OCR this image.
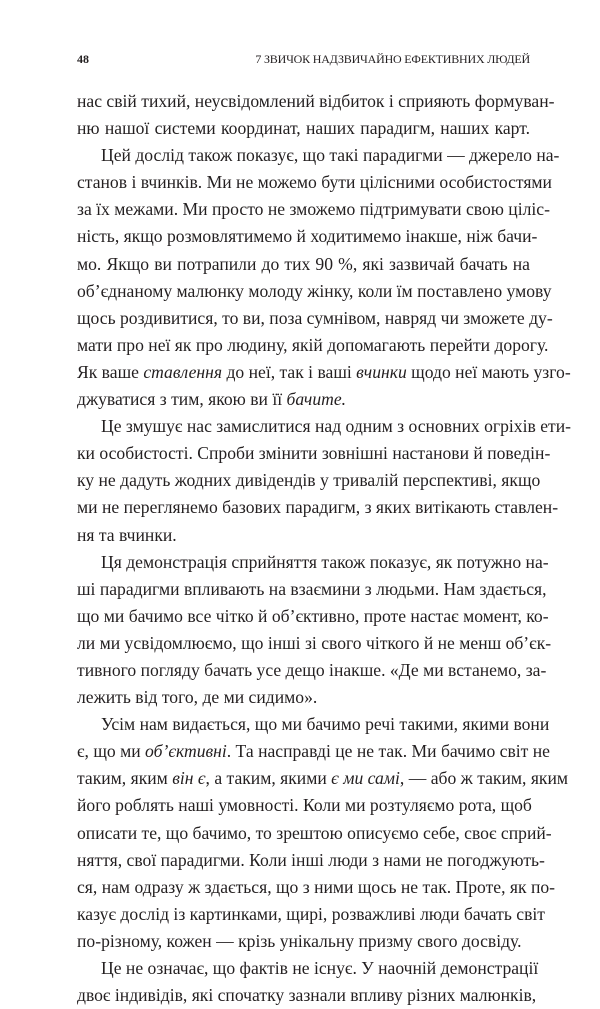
48	7 ЗВИЧОК НАДЗВИЧАЙНО ЕФЕКТИВНИХ ЛЮДЕЙ
нас свій тихий, неусвідомлений відбиток і сприяють формуван-
ню нашої системи координат, наших парадигм, наших карт.
Цей дослід також показує, що такі парадигми — джерело на-
станов і вчинків. Ми не можемо бути цілісними особистостями
за їх межами. Ми просто не зможемо підтримувати свою ціліс-
ність, якщо розмовлятимемо й ходитимемо інакше, ніж бачи-
мо. Якщо ви потрапили до тих 90 %, які зазвичай бачать на
об’єднаному малюнку молоду жінку, коли їм поставлено умову
щось роздивитися, то ви, поза сумнівом, навряд чи зможете ду-
мати про неї як про людину, якій допомагають перейти дорогу.
Як ваше ставлення до неї, так і ваші вчинки щодо неї мають узго-
джуватися з тим, якою ви її бачите.
Це змушує нас замислитися над одним з основних огріхів ети-
ки особистості. Спроби змінити зовнішні настанови й поведін-
ку не дадуть жодних дивідендів у тривалій перспективі, якщо
ми не переглянемо базових парадигм, з яких витікають ставлен-
ня та вчинки.
Ця демонстрація сприйняття також показує, як потужно на-
ші парадигми впливають на взаємини з людьми. Нам здається,
що ми бачимо все чітко й об’єктивно, проте настає момент, ко-
ли ми усвідомлюємо, що інші зі свого чіткого й не менш об’єк-
тивного погляду бачать усе дещо інакше. «Де ми встанемо, за-
лежить від того, де ми сидимо».
Усім нам видається, що ми бачимо речі такими, якими вони
є, що ми об’єктивні. Та насправді це не так. Ми бачимо світ не
таким, яким він є, а таким, якими є ми самі, — або ж таким, яким
його роблять наші умовності. Коли ми розтуляємо рота, щоб
описати те, що бачимо, то зрештою описуємо себе, своє сприй-
няття, свої парадигми. Коли інші люди з нами не погоджують-
ся, нам одразу ж здається, що з ними щось не так. Проте, як по-
казує дослід із картинками, щирі, розважливі люди бачать світ
по-різному, кожен — крізь унікальну призму свого досвіду.
Це не означає, що фактів не існує. У наочній демонстрації
двоє індивідів, які спочатку зазнали впливу різних малюнків,
